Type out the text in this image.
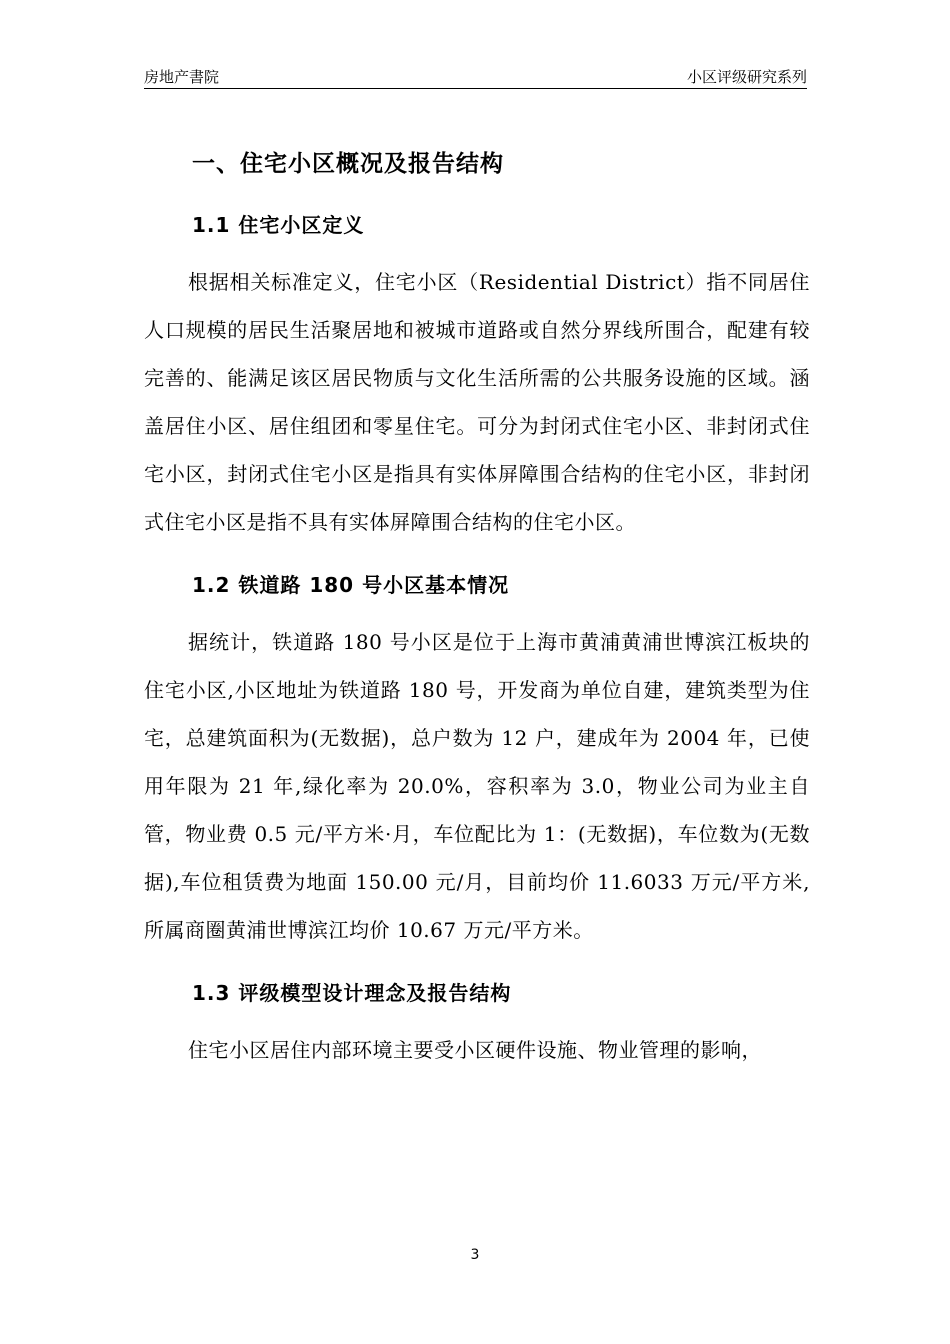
房地产書院	小区评级研究系列
一、住宅小区概况及报告结构
1.1 住宅小区定义

根据相关标准定义，住宅小区（Residential District）指不同居住人口规模的居民生活聚居地和被城市道路或自然分界线所围合，配建有较完善的、能满足该区居民物质与文化生活所需的公共服务设施的区域。涵盖居住小区、居住组团和零星住宅。可分为封闭式住宅小区、非封闭式住宅小区，封闭式住宅小区是指具有实体屏障围合结构的住宅小区，非封闭式住宅小区是指不具有实体屏障围合结构的住宅小区。

1.2 铁道路 180 号小区基本情况

据统计，铁道路 180 号小区是位于上海市黄浦黄浦世博滨江板块的住宅小区,小区地址为铁道路 180 号，开发商为单位自建，建筑类型为住宅，总建筑面积为(无数据)，总户数为 12 户，建成年为 2004 年，已使用年限为 21 年,绿化率为 20.0%，容积率为 3.0，物业公司为业主自管，物业费 0.5 元/平方米·月，车位配比为 1：(无数据)，车位数为(无数据),车位租赁费为地面 150.00 元/月，目前均价 11.6033 万元/平方米,所属商圈黄浦世博滨江均价 10.67 万元/平方米。

1.3 评级模型设计理念及报告结构

住宅小区居住内部环境主要受小区硬件设施、物业管理的影响，

3
